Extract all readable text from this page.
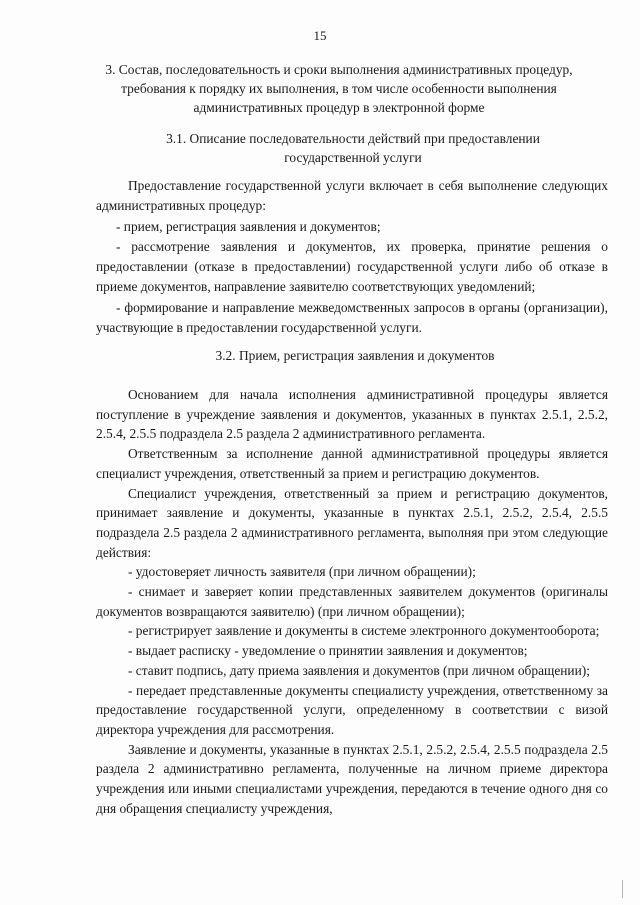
15
3. Состав, последовательность и сроки выполнения административных процедур, требования к порядку их выполнения, в том числе особенности выполнения административных процедур в электронной форме
3.1. Описание последовательности действий при предоставлении государственной услуги

Предоставление государственной услуги включает в себя выполнение следующих административных процедур:

- прием, регистрация заявления и документов;

- рассмотрение заявления и документов, их проверка, принятие решения о предоставлении (отказе в предоставлении) государственной услуги либо об отказе в приеме документов, направление заявителю соответствующих уведомлений;

- формирование и направление межведомственных запросов в органы (организации), участвующие в предоставлении государственной услуги.

3.2. Прием, регистрация заявления и документов

Основанием для начала исполнения административной процедуры является поступление в учреждение заявления и документов, указанных в пунктах 2.5.1, 2.5.2, 2.5.4, 2.5.5 подраздела 2.5 раздела 2 административного регламента.

Ответственным за исполнение данной административной процедуры является специалист учреждения, ответственный за прием и регистрацию документов.

Специалист учреждения, ответственный за прием и регистрацию документов, принимает заявление и документы, указанные в пунктах 2.5.1, 2.5.2, 2.5.4, 2.5.5 подраздела 2.5 раздела 2 административного регламента, выполняя при этом следующие действия:

- удостоверяет личность заявителя (при личном обращении);

- снимает и заверяет копии представленных заявителем документов (оригиналы документов возвращаются заявителю) (при личном обращении);

- регистрирует заявление и документы в системе электронного документооборота;

- выдает расписку - уведомление о принятии заявления и документов;

- ставит подпись, дату приема заявления и документов (при личном обращении);

- передает представленные документы специалисту учреждения, ответственному за предоставление государственной услуги, определенному в соответствии с визой директора учреждения для рассмотрения.

Заявление и документы, указанные в пунктах 2.5.1, 2.5.2, 2.5.4, 2.5.5 подраздела 2.5 раздела 2 административно регламента, полученные на личном приеме директора учреждения или иными специалистами учреждения, передаются в течение одного дня со дня обращения специалисту учреждения,
